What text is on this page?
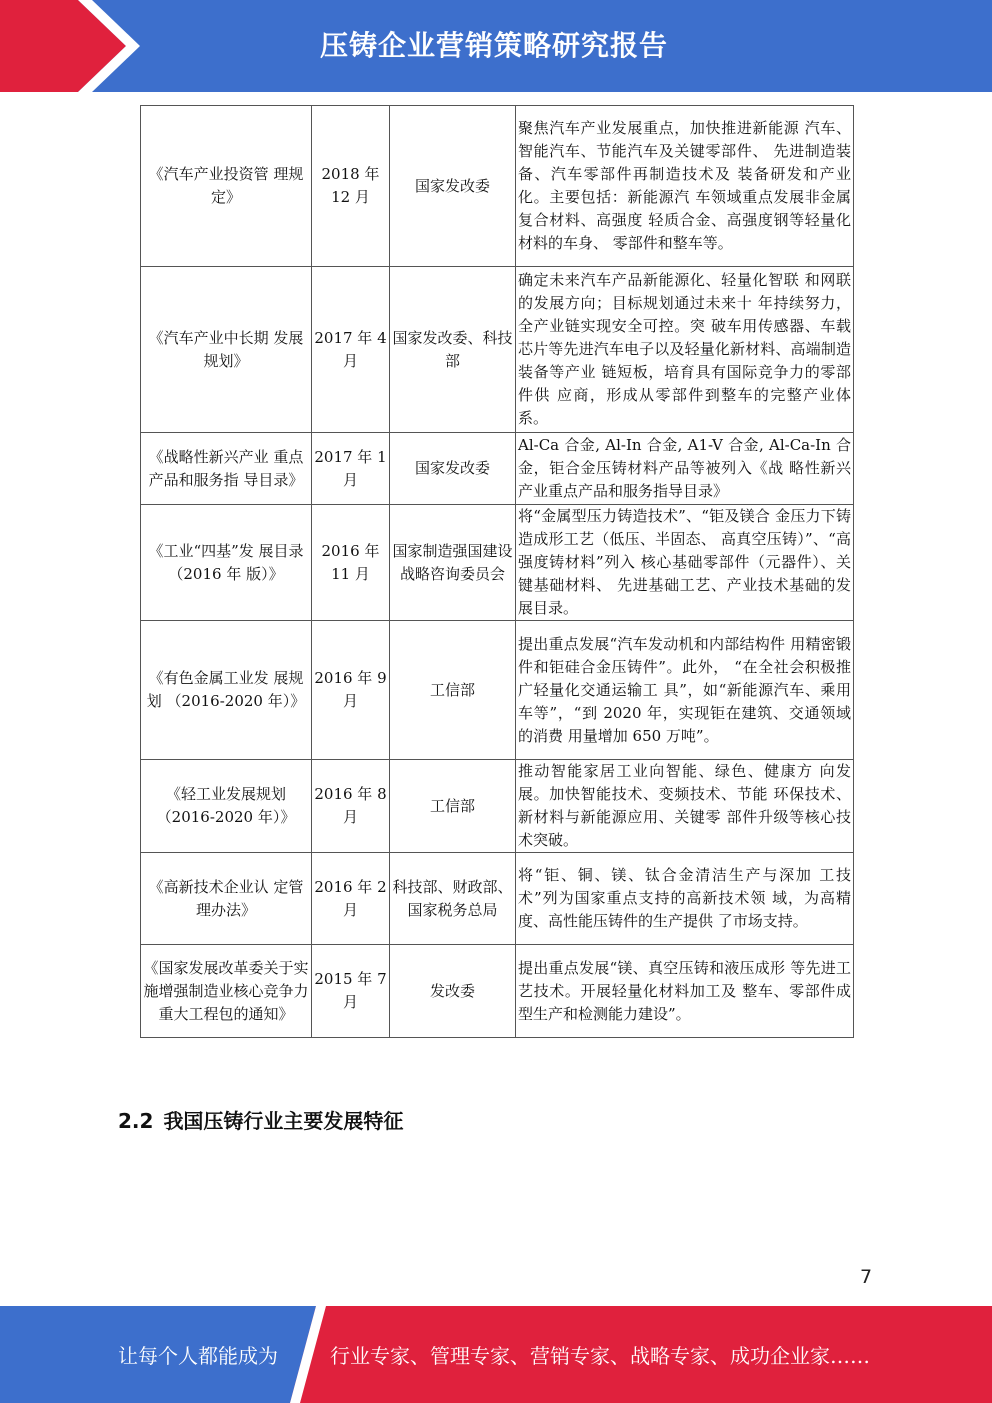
压铸企业营销策略研究报告
《汽车产业投资管 理规定》	2018 年 12 月	国家发改委	聚焦汽车产业发展重点，加快推进新能源 汽车、智能汽车、节能汽车及关键零部件、 先进制造装备、汽车零部件再制造技术及 装备研发和产业化。主要包括：新能源汽 车领域重点发展非金属复合材料、高强度 轻质合金、高强度钢等轻量化材料的车身、 零部件和整车等。
《汽车产业中长期 发展规划》	2017 年 4 月	国家发改委、科技部	确定未来汽车产品新能源化、轻量化智联 和网联的发展方向；目标规划通过未来十 年持续努力，全产业链实现安全可控。突 破车用传感器、车载芯片等先进汽车电子以及轻量化新材料、高端制造装备等产业 链短板，培育具有国际竞争力的零部件供 应商，形成从零部件到整车的完整产业体 系。
《战略性新兴产业 重点产品和服务指 导目录》	2017 年 1 月	国家发改委	Al-Ca 合金, Al-In 合金, A1-V 合金, Al-Ca-In 合金，钜合金压铸材料产品等被列入《战 略性新兴产业重点产品和服务指导目录》
《工业“四基”发 展目录（2016 年 版）》	2016 年 11 月	国家制造强国建设战略咨询委员会	将“金属型压力铸造技术”、“钜及镁合 金压力下铸造成形工艺（低压、半固态、 高真空压铸）”、“高强度铸材料”列入 核心基础零部件（元器件）、关键基础材料、 先进基础工艺、产业技术基础的发展目录。
《有色金属工业发 展规划 （2016-2020 年）》	2016 年 9 月	工信部	提出重点发展“汽车发动机和内部结构件 用精密锻件和钜硅合金压铸件”。此外， “在全社会积极推广轻量化交通运输工 具”，如“新能源汽车、乘用车等”，“到 2020 年，实现钜在建筑、交通领域的消费 用量增加 650 万吨”。
《轻工业发展规划 （2016-2020 年）》	2016 年 8 月	工信部	推动智能家居工业向智能、绿色、健康方 向发展。加快智能技术、变频技术、节能 环保技术、新材料与新能源应用、关键零 部件升级等核心技术突破。
《高新技术企业认 定管理办法》	2016 年 2 月	科技部、财政部、国家税务总局	将“钜、铜、镁、钛合金清洁生产与深加 工技术”列为国家重点支持的高新技术领 域，为高精度、高性能压铸件的生产提供 了市场支持。
《国家发展改革委关于实施增强制造业核心竞争力重大工程包的通知》	2015 年 7 月	发改委	提出重点发展“镁、真空压铸和液压成形 等先进工艺技术。开展轻量化材料加工及 整车、零部件成型生产和检测能力建设”。
2.2 我国压铸行业主要发展特征
7
让每个人都能成为	行业专家、管理专家、营销专家、战略专家、成功企业家……
